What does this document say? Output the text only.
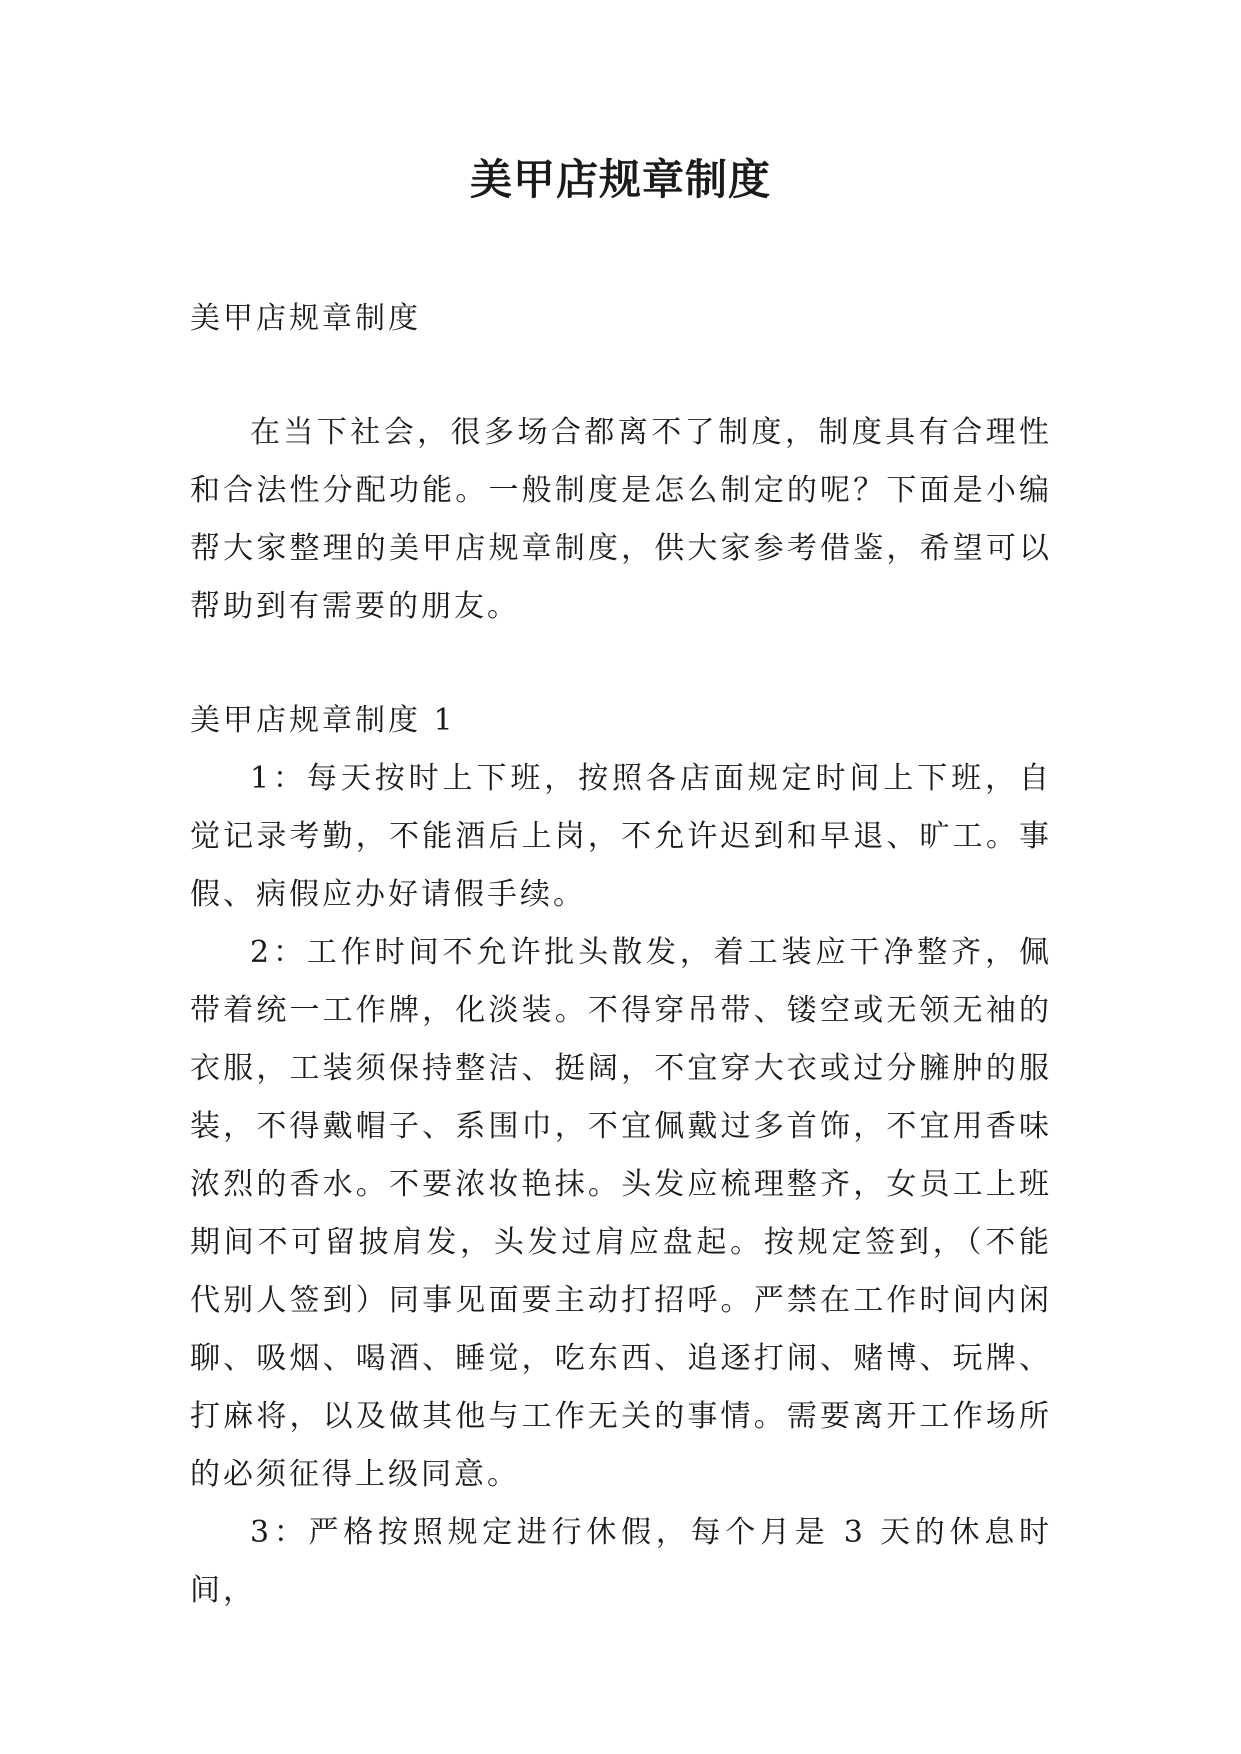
美甲店规章制度

美甲店规章制度

在当下社会，很多场合都离不了制度，制度具有合理性和合法性分配功能。一般制度是怎么制定的呢？下面是小编帮大家整理的美甲店规章制度，供大家参考借鉴，希望可以帮助到有需要的朋友。

美甲店规章制度 1

1：每天按时上下班，按照各店面规定时间上下班，自觉记录考勤，不能酒后上岗，不允许迟到和早退、旷工。事假、病假应办好请假手续。

2：工作时间不允许批头散发，着工装应干净整齐，佩带着统一工作牌，化淡装。不得穿吊带、镂空或无领无袖的衣服，工装须保持整洁、挺阔，不宜穿大衣或过分臃肿的服装，不得戴帽子、系围巾，不宜佩戴过多首饰，不宜用香味浓烈的香水。不要浓妆艳抹。头发应梳理整齐，女员工上班期间不可留披肩发，头发过肩应盘起。按规定签到，（不能代别人签到）同事见面要主动打招呼。严禁在工作时间内闲聊、吸烟、喝酒、睡觉，吃东西、追逐打闹、赌博、玩牌、打麻将，以及做其他与工作无关的事情。需要离开工作场所的必须征得上级同意。

3：严格按照规定进行休假，每个月是 3 天的休息时间，
